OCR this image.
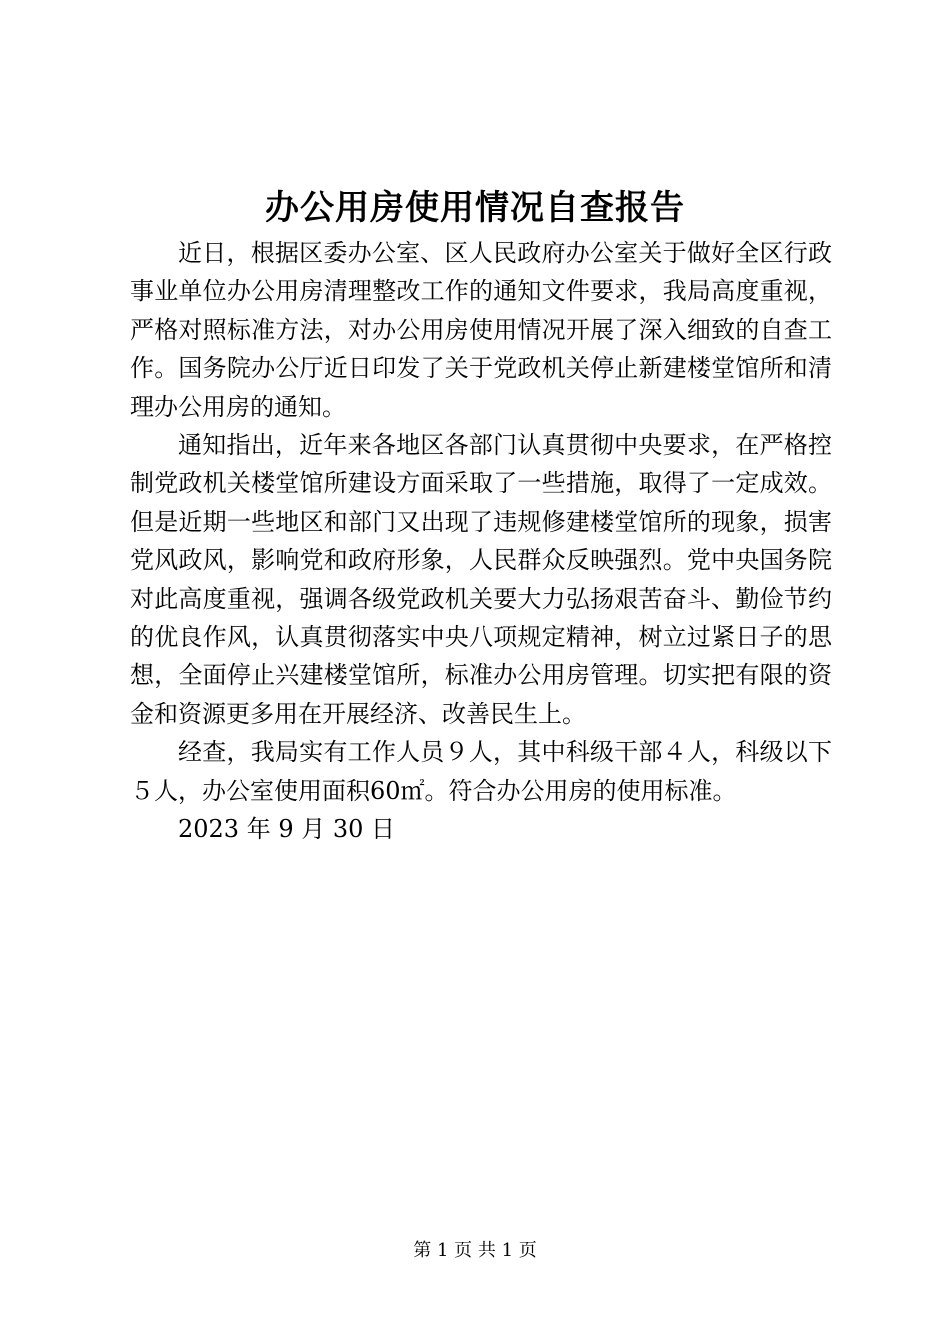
办公用房使用情况自查报告

近日，根据区委办公室、区人民政府办公室关于做好全区行政事业单位办公用房清理整改工作的通知文件要求，我局高度重视，严格对照标准方法，对办公用房使用情况开展了深入细致的自查工作。国务院办公厅近日印发了关于党政机关停止新建楼堂馆所和清理办公用房的通知。

通知指出，近年来各地区各部门认真贯彻中央要求，在严格控制党政机关楼堂馆所建设方面采取了一些措施，取得了一定成效。但是近期一些地区和部门又出现了违规修建楼堂馆所的现象，损害党风政风，影响党和政府形象，人民群众反映强烈。党中央国务院对此高度重视，强调各级党政机关要大力弘扬艰苦奋斗、勤俭节约的优良作风，认真贯彻落实中央八项规定精神，树立过紧日子的思想，全面停止兴建楼堂馆所，标准办公用房管理。切实把有限的资金和资源更多用在开展经济、改善民生上。

经查，我局实有工作人员９人，其中科级干部４人，科级以下５人，办公室使用面积60㎡。符合办公用房的使用标准。

2023 年 9 月 30 日

第 1 页 共 1 页
